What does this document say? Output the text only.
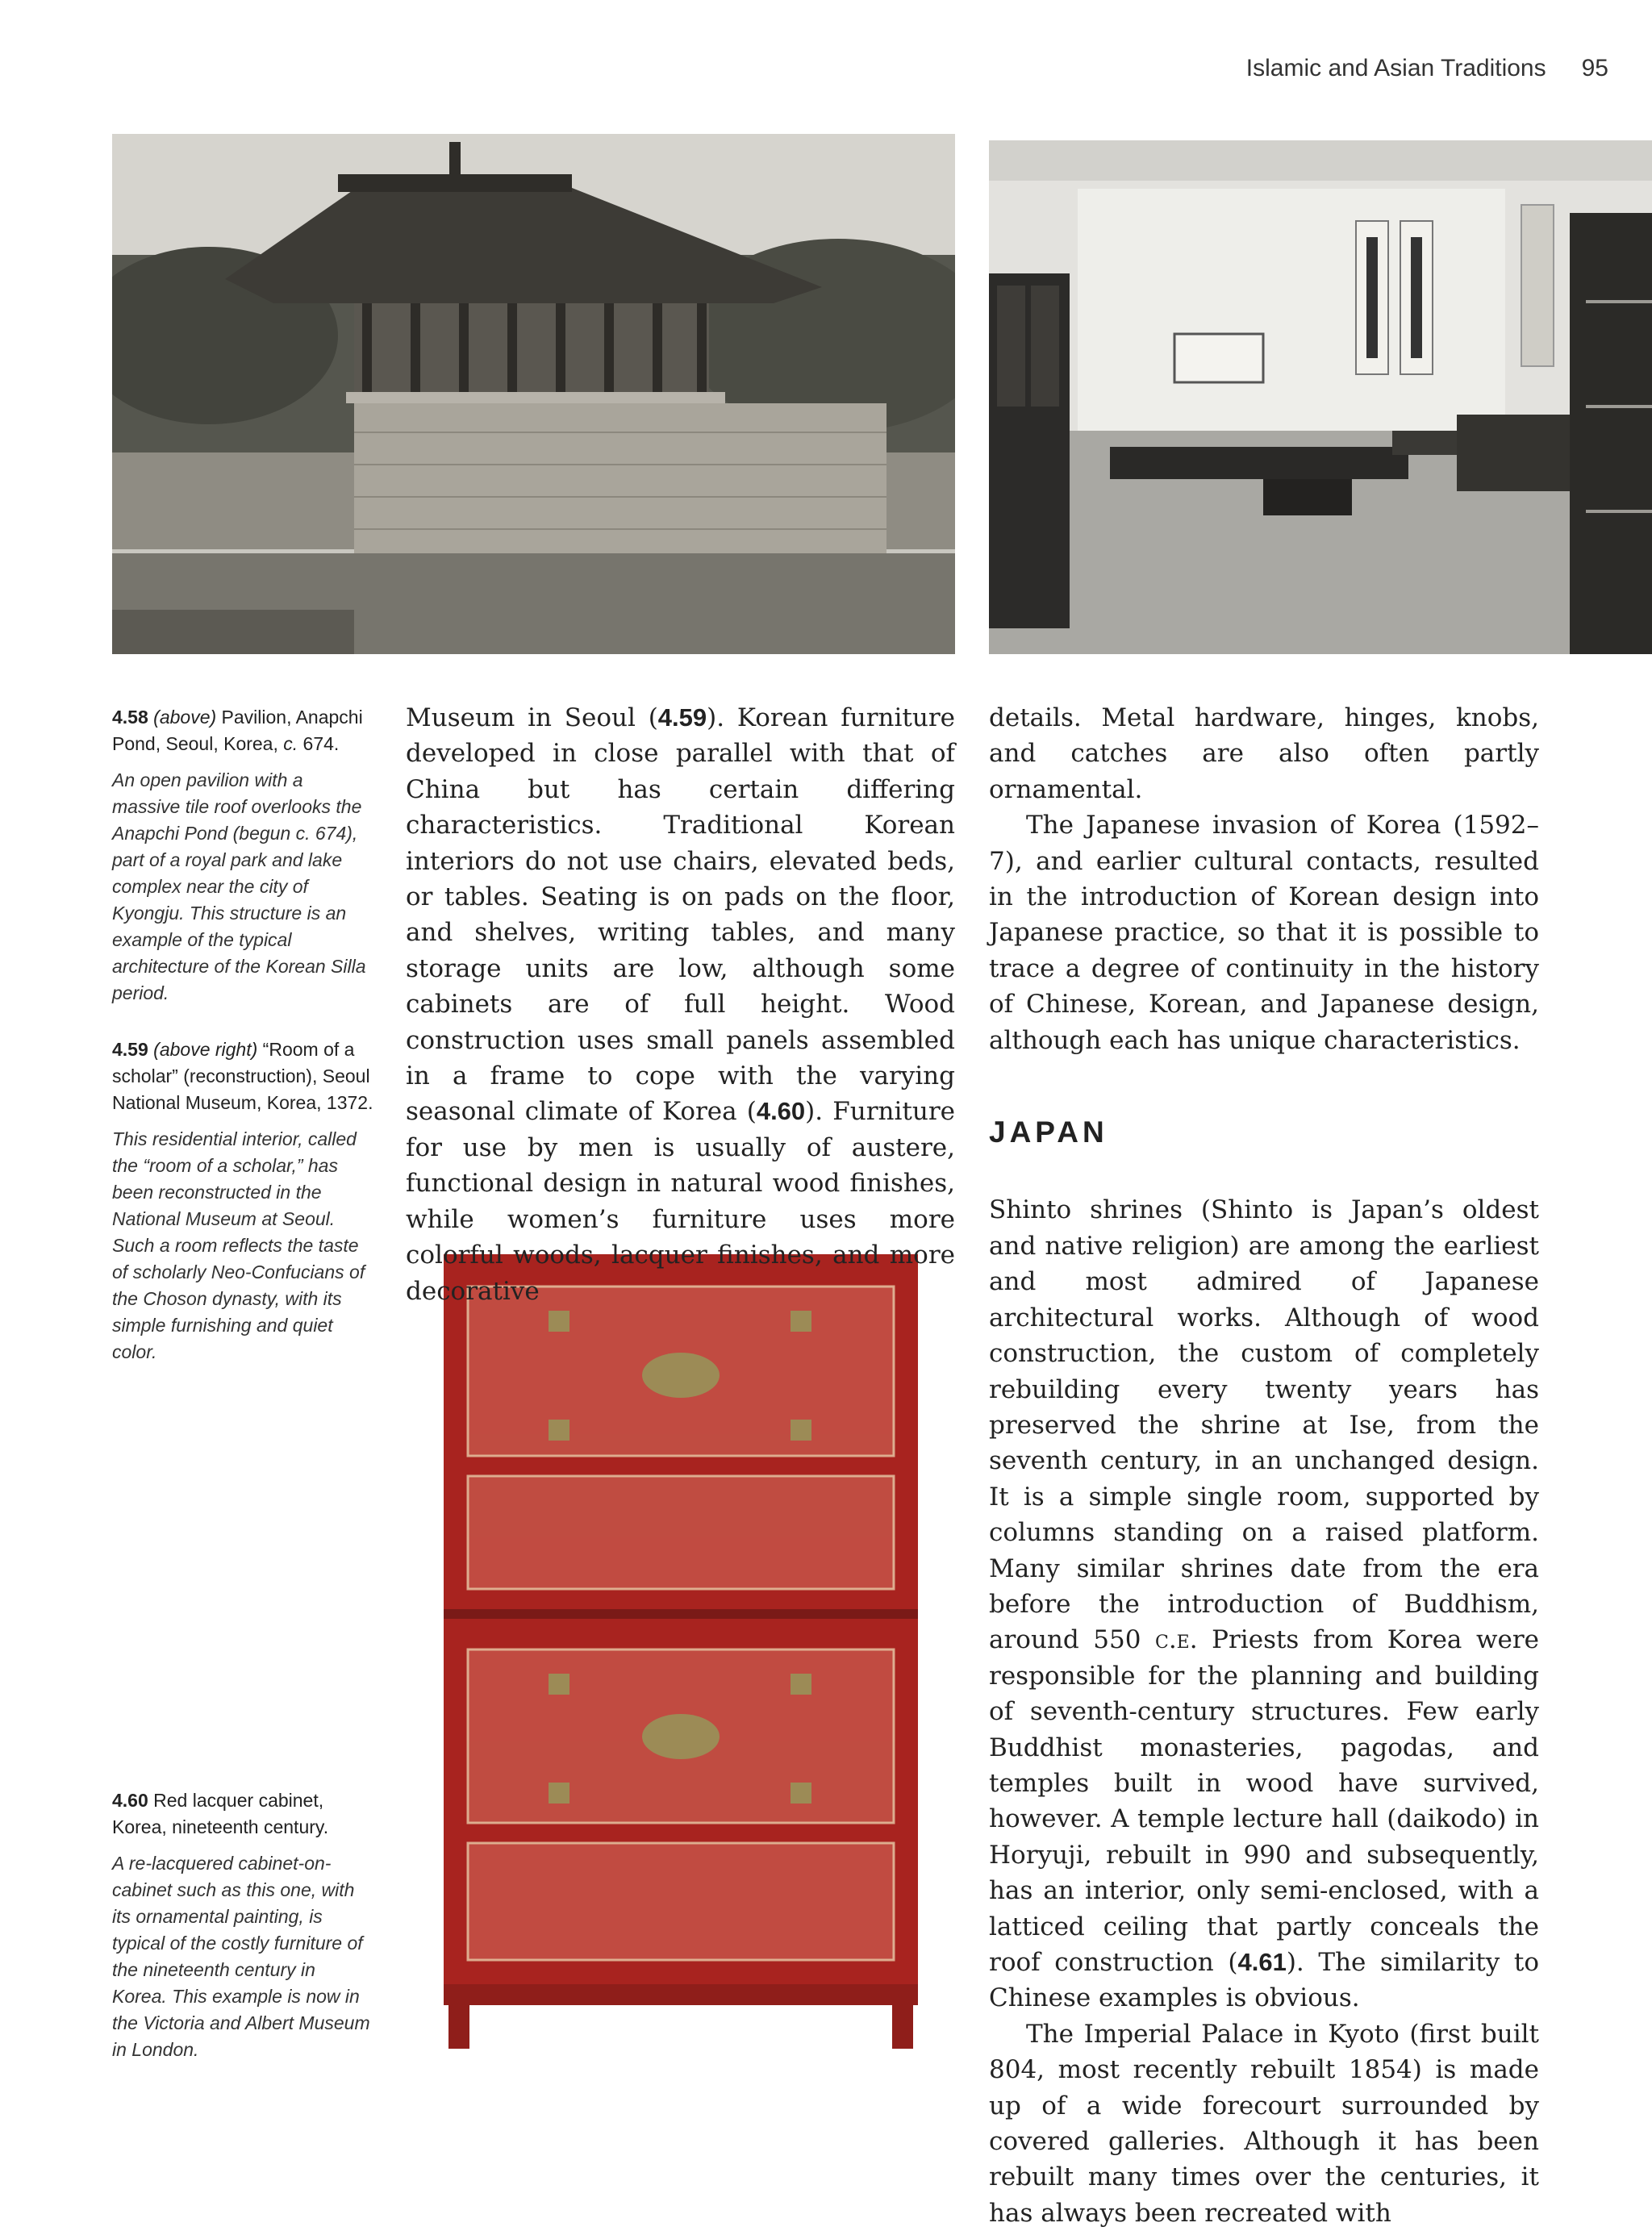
Islamic and Asian Traditions 95
4.58 (above) Pavilion, Anapchi Pond, Seoul, Korea, c. 674.
An open pavilion with a massive tile roof overlooks the Anapchi Pond (begun c. 674), part of a royal park and lake complex near the city of Kyongju. This structure is an example of the typical architecture of the Korean Silla period.
4.59 (above right) “Room of a scholar” (reconstruction), Seoul National Museum, Korea, 1372.
This residential interior, called the “room of a scholar,” has been reconstructed in the National Museum at Seoul. Such a room reflects the taste of scholarly Neo-Confucians of the Choson dynasty, with its simple furnishing and quiet color.
4.60 Red lacquer cabinet, Korea, nineteenth century.
A re-lacquered cabinet-on-cabinet such as this one, with its ornamental painting, is typical of the costly furniture of the nineteenth century in Korea. This example is now in the Victoria and Albert Museum in London.

Museum in Seoul (4.59). Korean furniture developed in close parallel with that of China but has certain differing characteristics. Traditional Korean interiors do not use chairs, elevated beds, or tables. Seating is on pads on the floor, and shelves, writing tables, and many storage units are low, although some cabinets are of full height. Wood construction uses small panels assembled in a frame to cope with the varying seasonal climate of Korea (4.60). Furniture for use by men is usually of austere, functional design in natural wood finishes, while women’s furniture uses more colorful woods, lacquer finishes, and more decorative

details. Metal hardware, hinges, knobs, and catches are also often partly ornamental.

The Japanese invasion of Korea (1592–7), and earlier cultural contacts, resulted in the introduction of Korean design into Japanese practice, so that it is possible to trace a degree of continuity in the history of Chinese, Korean, and Japanese design, although each has unique characteristics.

JAPAN

Shinto shrines (Shinto is Japan’s oldest and native religion) are among the earliest and most admired of Japanese architectural works. Although of wood construction, the custom of completely rebuilding every twenty years has preserved the shrine at Ise, from the seventh century, in an unchanged design. It is a simple single room, supported by columns standing on a raised platform. Many similar shrines date from the era before the introduction of Buddhism, around 550 c.e. Priests from Korea were responsible for the planning and building of seventh-century structures. Few early Buddhist monasteries, pagodas, and temples built in wood have survived, however. A temple lecture hall (daikodo) in Horyuji, rebuilt in 990 and subsequently, has an interior, only semi-enclosed, with a latticed ceiling that partly conceals the roof construction (4.61). The similarity to Chinese examples is obvious.

The Imperial Palace in Kyoto (first built 804, most recently rebuilt 1854) is made up of a wide forecourt surrounded by covered galleries. Although it has been rebuilt many times over the centuries, it has always been recreated with
